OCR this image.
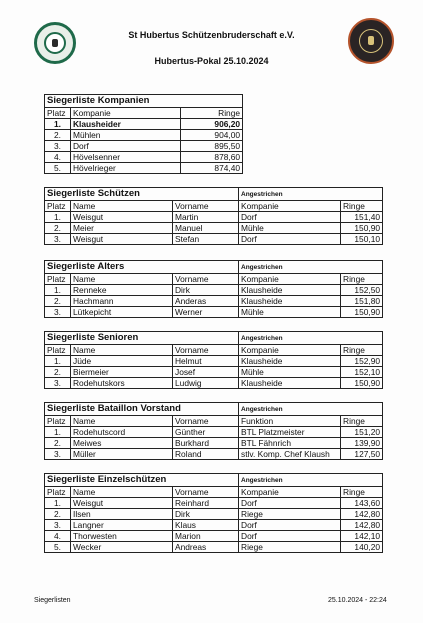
St Hubertus Schützenbruderschaft e.V.
Hubertus-Pokal 25.10.2024
Siegerliste Kompanien		
Platz	Kompanie	Ringe
1.	Klausheider	906,20
2.	Mühlen	904,00
3.	Dorf	895,50
4.	Hövelsenner	878,60
5.	Hövelrieger	874,40
Siegerliste Schützen			Angestrichen	
Platz	Name	Vorname	Kompanie	Ringe
1.	Weisgut	Martin	Dorf	151,40
2.	Meier	Manuel	Mühle	150,90
3.	Weisgut	Stefan	Dorf	150,10
Siegerliste Alters			Angestrichen	
Platz	Name	Vorname	Kompanie	Ringe
1.	Renneke	Dirk	Klausheide	152,50
2.	Hachmann	Anderas	Klausheide	151,80
3.	Lütkepicht	Werner	Mühle	150,90
Siegerliste Senioren			Angestrichen	
Platz	Name	Vorname	Kompanie	Ringe
1.	Jüde	Helmut	Klausheide	152,90
2.	Biermeier	Josef	Mühle	152,10
3.	Rodehutskors	Ludwig	Klausheide	150,90
Siegerliste Bataillon Vorstand			Angestrichen	
Platz	Name	Vorname	Funktion	Ringe
1.	Rodehutscord	Günther	BTL Platzmeister	151,20
2.	Meiwes	Burkhard	BTL Fähnrich	139,90
3.	Müller	Roland	stlv. Komp. Chef Klaush	127,50
Siegerliste Einzelschützen			Angestrichen	
Platz	Name	Vorname	Kompanie	Ringe
1.	Weisgut	Reinhard	Dorf	143,60
2.	Ilsen	Dirk	Riege	142,80
3.	Langner	Klaus	Dorf	142,80
4.	Thorwesten	Marion	Dorf	142,10
5.	Wecker	Andreas	Riege	140,20
Siegerlisten	25.10.2024 - 22:24
